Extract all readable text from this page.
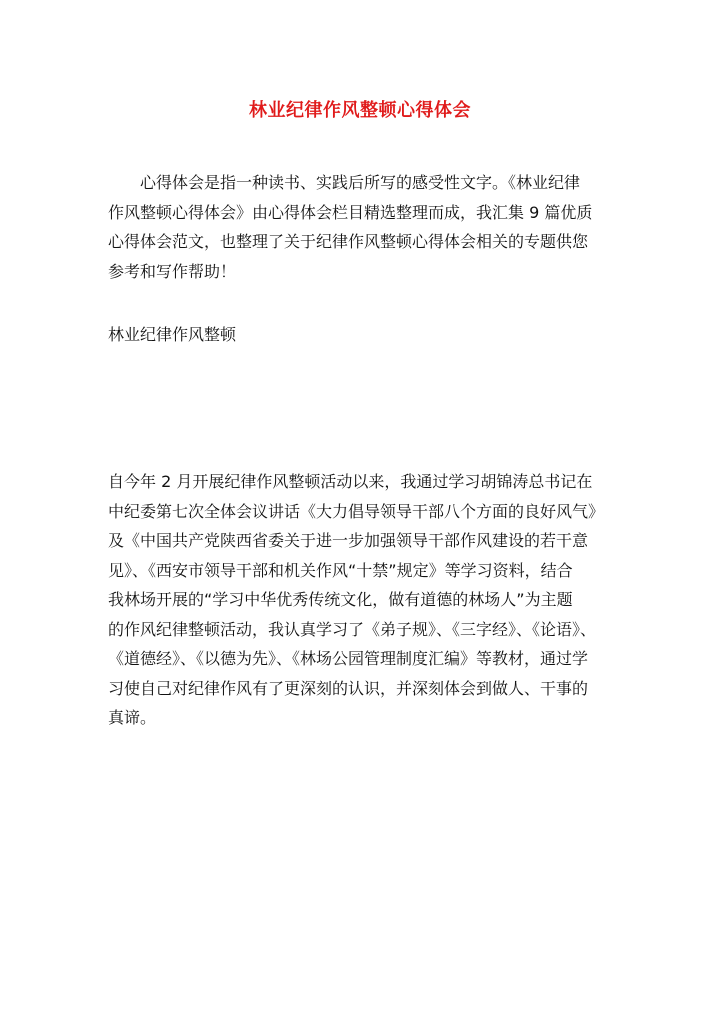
林业纪律作风整顿心得体会

心得体会是指一种读书、实践后所写的感受性文字。《林业纪律
作风整顿心得体会》由心得体会栏目精选整理而成，我汇集 9 篇优质
心得体会范文，也整理了关于纪律作风整顿心得体会相关的专题供您
参考和写作帮助！

林业纪律作风整顿

自今年 2 月开展纪律作风整顿活动以来，我通过学习胡锦涛总书记在
中纪委第七次全体会议讲话《大力倡导领导干部八个方面的良好风气》
及《中国共产党陕西省委关于进一步加强领导干部作风建设的若干意
见》、《西安市领导干部和机关作风“十禁”规定》等学习资料，结合
我林场开展的“学习中华优秀传统文化，做有道德的林场人”为主题
的作风纪律整顿活动，我认真学习了《弟子规》、《三字经》、《论语》、
《道德经》、《以德为先》、《林场公园管理制度汇编》等教材，通过学
习使自己对纪律作风有了更深刻的认识，并深刻体会到做人、干事的
真谛。
